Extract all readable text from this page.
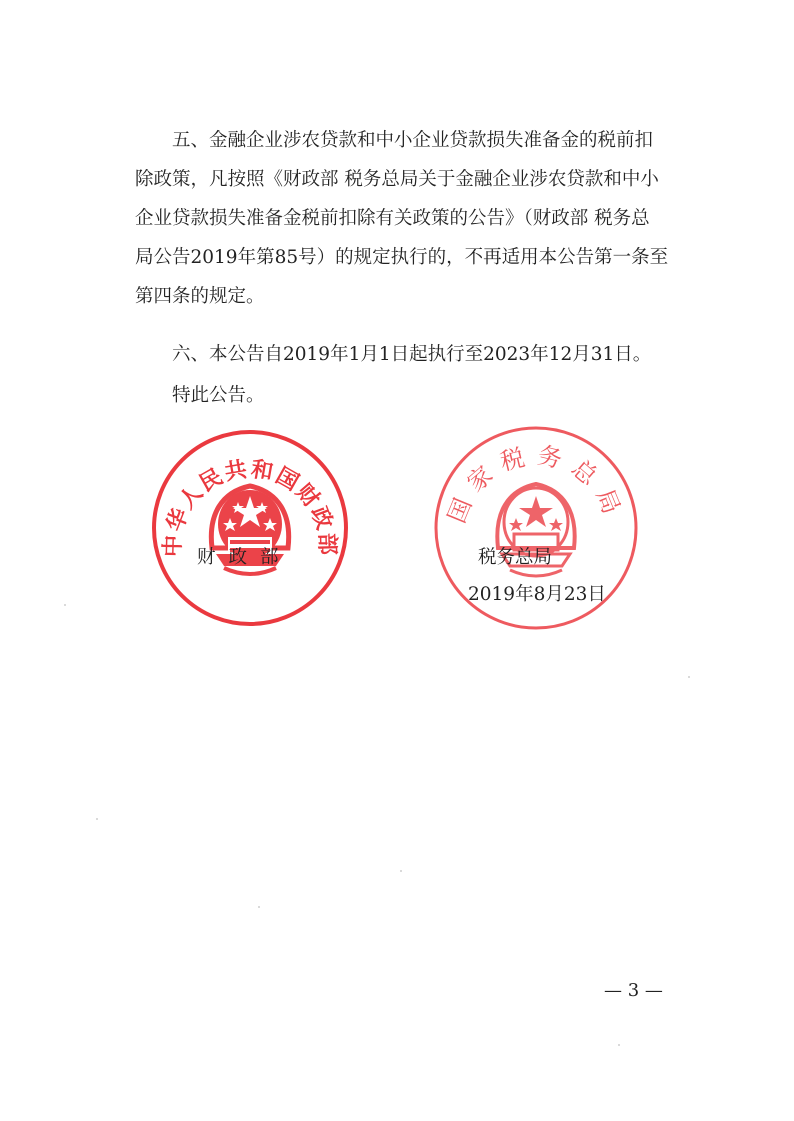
五、金融企业涉农贷款和中小企业贷款损失准备金的税前扣
除政策，凡按照《财政部 税务总局关于金融企业涉农贷款和中小
企业贷款损失准备金税前扣除有关政策的公告》（财政部 税务总
局公告2019年第85号）的规定执行的，不再适用本公告第一条至
第四条的规定。
六、本公告自2019年1月1日起执行至2023年12月31日。
特此公告。
中华人民共和国财政部
国家税务总局

财政部	税务总局

2019年8月23日

— 3 —
